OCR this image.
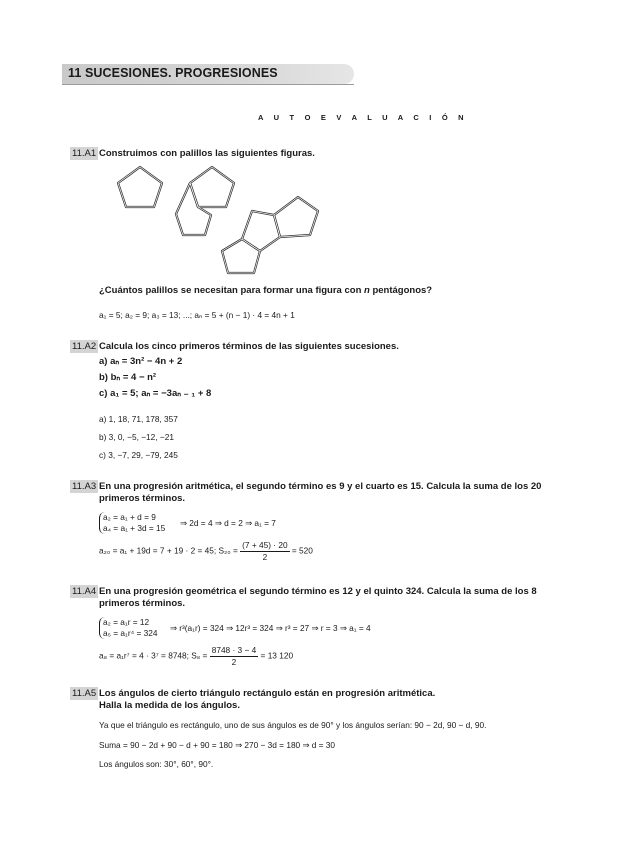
11 SUCESIONES. PROGRESIONES
A U T O E V A L U A C I Ó N
11.A1 Construimos con palillos las siguientes figuras.
¿Cuántos palillos se necesitan para formar una figura con n pentágonos?
a₁ = 5; a₂ = 9; a₃ = 13; ...; aₙ = 5 + (n − 1) · 4 = 4n + 1
11.A2 Calcula los cinco primeros términos de las siguientes sucesiones.
a) aₙ = 3n² − 4n + 2
b) bₙ = 4 − n²
c) a₁ = 5; aₙ = −3aₙ ₋ ₁ + 8
a) 1, 18, 71, 178, 357
b) 3, 0, −5, −12, −21
c) 3, −7, 29, −79, 245
11.A3 En una progresión aritmética, el segundo término es 9 y el cuarto es 15. Calcula la suma de los 20 primeros términos.
a₂ = a₁ + d = 9
a₄ = a₁ + 3d = 15 ⇒ 2d = 4 ⇒ d = 2 ⇒ a₁ = 7
a₂₀ = a₁ + 19d = 7 + 19 · 2 = 45; $S_{20} = \frac{(7 + 45) \cdot 20}{2} = 520$
11.A4 En una progresión geométrica el segundo término es 12 y el quinto 324. Calcula la suma de los 8 primeros términos.
a₂ = a₁r = 12
a₅ = a₁r⁴ = 324 ⇒ r³(a₁r) = 324 ⇒ 12r³ = 324 ⇒ r³ = 27 ⇒ r = 3 ⇒ a₁ = 4
a₈ = a₁r⁷ = 4 · 3⁷ = 8748; $S_8 = \frac{8748 \cdot 3 - 4}{2} = 13$ 120
11.A5 Los ángulos de cierto triángulo rectángulo están en progresión aritmética. Halla la medida de los ángulos.
Ya que el triángulo es rectángulo, uno de sus ángulos es de 90° y los ángulos serían: 90 − 2d, 90 − d, 90.
Suma = 90 − 2d + 90 − d + 90 = 180 ⇒ 270 − 3d = 180 ⇒ d = 30
Los ángulos son: 30°, 60°, 90°.
